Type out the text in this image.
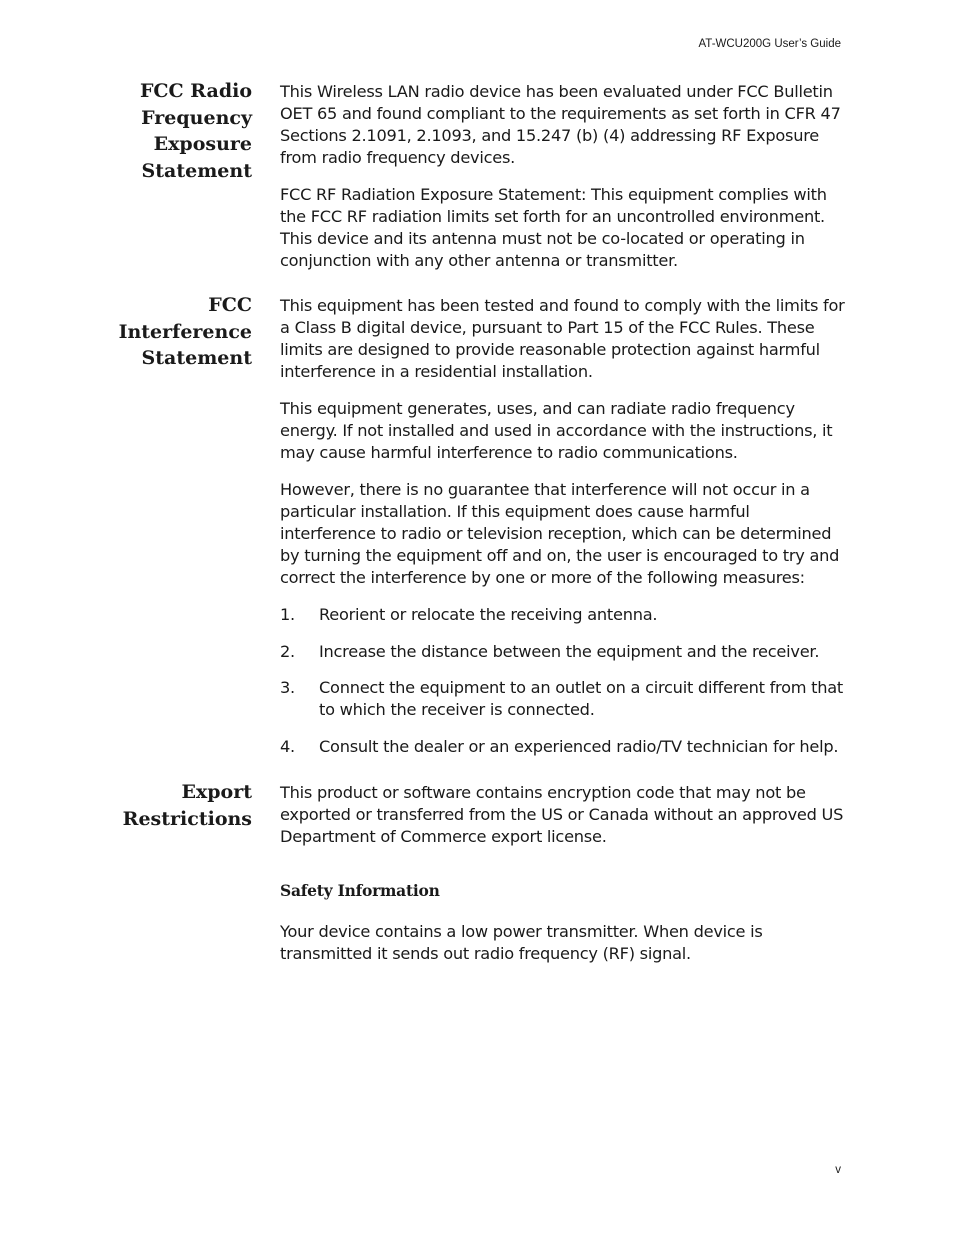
AT-WCU200G User’s Guide
FCC Radio
Frequency
Exposure
Statement

This Wireless LAN radio device has been evaluated under FCC Bulletin OET 65 and found compliant to the requirements as set forth in CFR 47 Sections 2.1091, 2.1093, and 15.247 (b) (4) addressing RF Exposure from radio frequency devices.

FCC RF Radiation Exposure Statement: This equipment complies with the FCC RF radiation limits set forth for an uncontrolled environment. This device and its antenna must not be co-located or operating in conjunction with any other antenna or transmitter.

FCC
Interference
Statement

This equipment has been tested and found to comply with the limits for a Class B digital device, pursuant to Part 15 of the FCC Rules. These limits are designed to provide reasonable protection against harmful interference in a residential installation.

This equipment generates, uses, and can radiate radio frequency energy. If not installed and used in accordance with the instructions, it may cause harmful interference to radio communications.

However, there is no guarantee that interference will not occur in a particular installation. If this equipment does cause harmful interference to radio or television reception, which can be determined by turning the equipment off and on, the user is encouraged to try and correct the interference by one or more of the following measures:

1. Reorient or relocate the receiving antenna.
2. Increase the distance between the equipment and the receiver.
3. Connect the equipment to an outlet on a circuit different from that to which the receiver is connected.
4. Consult the dealer or an experienced radio/TV technician for help.
Export
Restrictions

This product or software contains encryption code that may not be exported or transferred from the US or Canada without an approved US Department of Commerce export license.

Safety Information

Your device contains a low power transmitter. When device is transmitted it sends out radio frequency (RF) signal.

v
